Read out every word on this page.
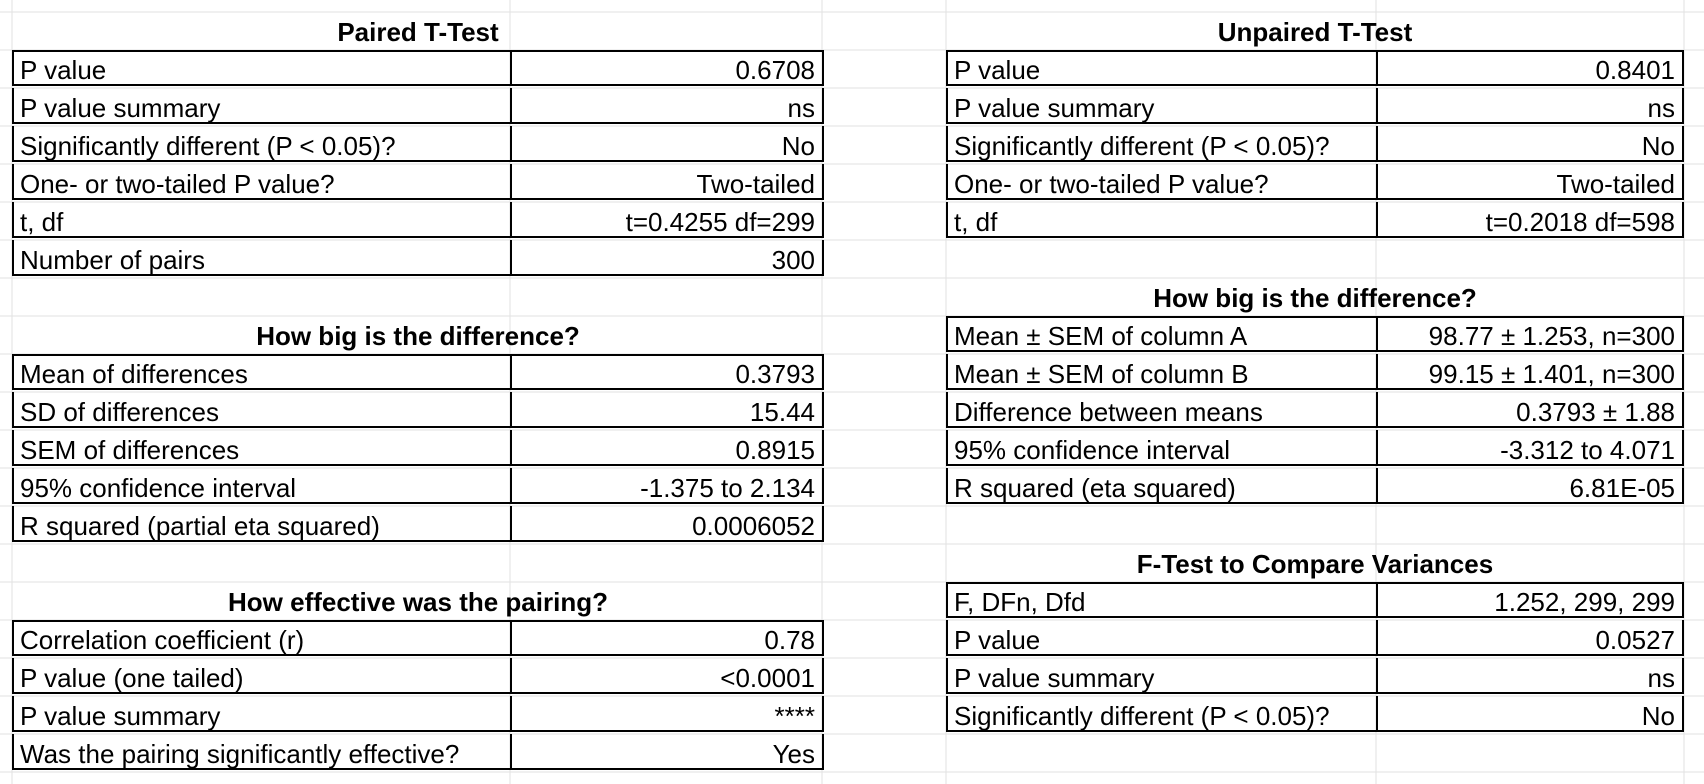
Paired T-Test
P value	0.6708
P value summary	ns
Significantly different (P < 0.05)?	No
One- or two-tailed P value?	Two-tailed
t, df	t=0.4255 df=299
Number of pairs	300
How big is the difference?
Mean of differences	0.3793
SD of differences	15.44
SEM of differences	0.8915
95% confidence interval	-1.375 to 2.134
R squared (partial eta squared)	0.0006052
How effective was the pairing?
Correlation coefficient (r)	0.78
P value (one tailed)	<0.0001
P value summary	****
Was the pairing significantly effective?	Yes
Unpaired T-Test
P value	0.8401
P value summary	ns
Significantly different (P < 0.05)?	No
One- or two-tailed P value?	Two-tailed
t, df	t=0.2018 df=598
How big is the difference?
Mean ± SEM of column A	98.77 ± 1.253, n=300
Mean ± SEM of column B	99.15 ± 1.401, n=300
Difference between means	0.3793 ± 1.88
95% confidence interval	-3.312 to 4.071
R squared (eta squared)	6.81E-05
F-Test to Compare Variances
F, DFn, Dfd	1.252, 299, 299
P value	0.0527
P value summary	ns
Significantly different (P < 0.05)?	No
